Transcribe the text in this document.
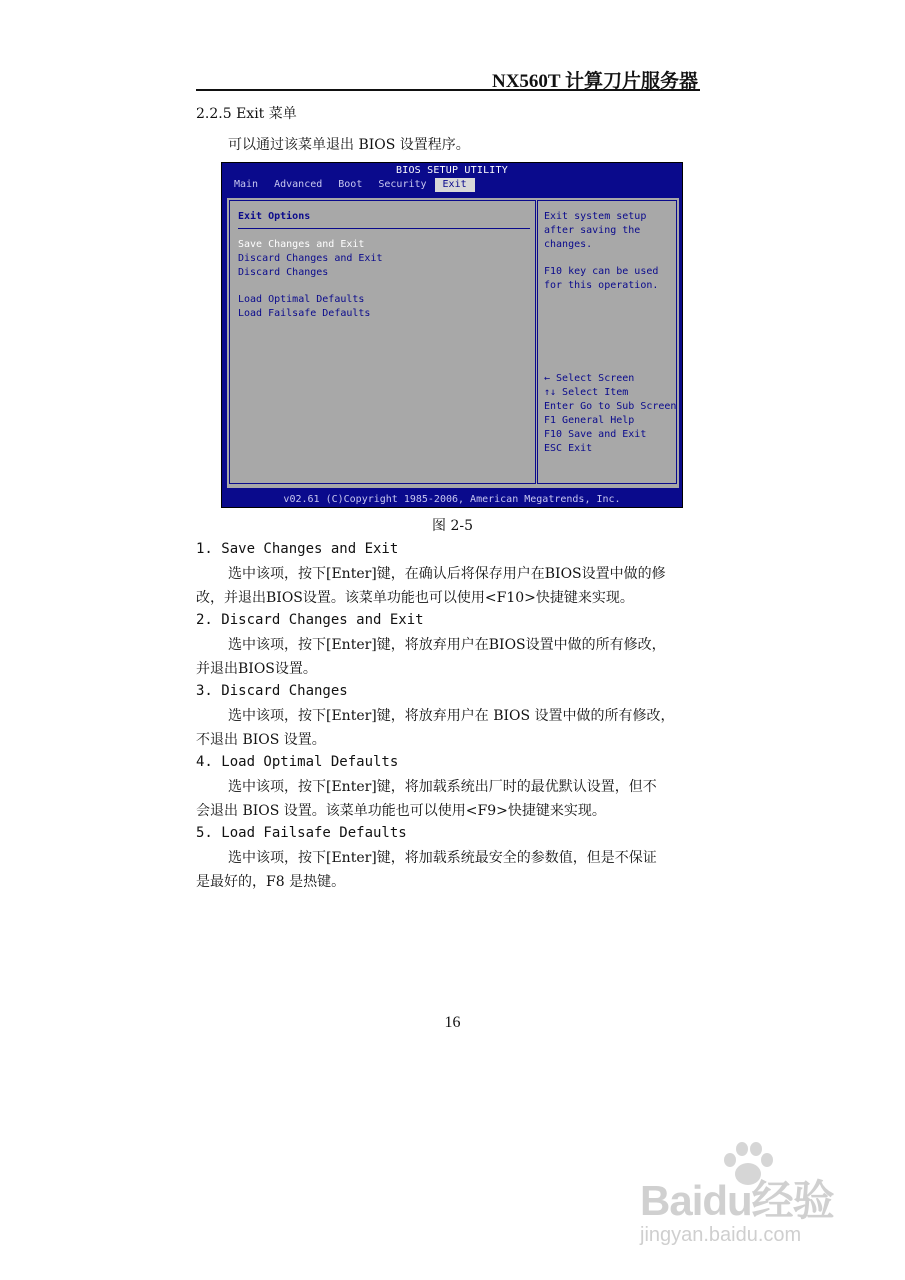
NX560T 计算刀片服务器
2.2.5 Exit 菜单
可以通过该菜单退出 BIOS 设置程序。
BIOS SETUP UTILITY
Main	Advanced	Boot	Security	Exit
Exit Options
Save Changes and Exit
Discard Changes and Exit
Discard Changes
Load Optimal Defaults
Load Failsafe Defaults
Exit system setup
after saving the
changes.
F10 key can be used
for this operation.
← Select Screen
↑↓ Select Item
Enter Go to Sub Screen
F1 General Help
F10 Save and Exit
ESC Exit
v02.61 (C)Copyright 1985-2006, American Megatrends, Inc.
图 2-5
1. Save Changes and Exit
选中该项，按下[Enter]键，在确认后将保存用户在BIOS设置中做的修
改，并退出BIOS设置。该菜单功能也可以使用<F10>快捷键来实现。
2. Discard Changes and Exit
选中该项，按下[Enter]键，将放弃用户在BIOS设置中做的所有修改，
并退出BIOS设置。
3. Discard Changes
选中该项，按下[Enter]键，将放弃用户在 BIOS 设置中做的所有修改，
不退出 BIOS 设置。
4. Load Optimal Defaults
选中该项，按下[Enter]键，将加载系统出厂时的最优默认设置，但不
会退出 BIOS 设置。该菜单功能也可以使用<F9>快捷键来实现。
5. Load Failsafe Defaults
选中该项，按下[Enter]键，将加载系统最安全的参数值，但是不保证
是最好的，F8 是热键。
16
Baidu经验
jingyan.baidu.com
